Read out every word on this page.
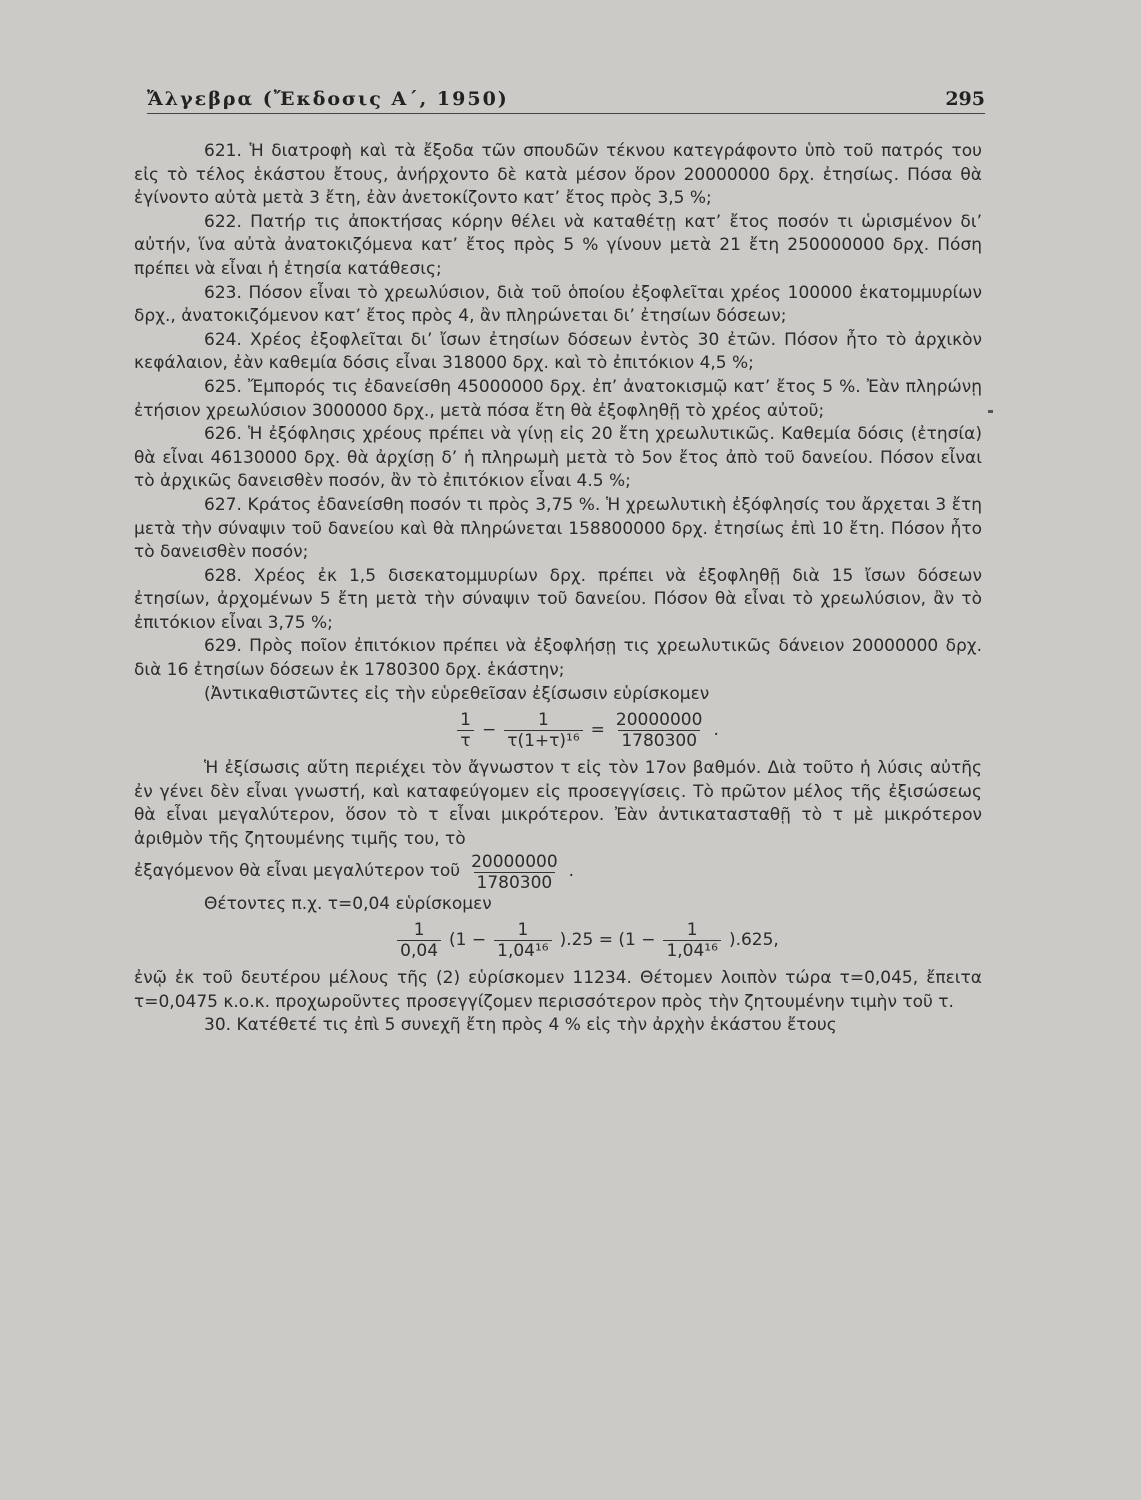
Ἄλγεβρα (Ἔκδοσις Α΄, 1950)	295

621. Ἡ διατροφὴ καὶ τὰ ἔξοδα τῶν σπουδῶν τέκνου κατεγράφοντο ὑπὸ τοῦ πατρός του εἰς τὸ τέλος ἑκάστου ἔτους, ἀνήρχοντο δὲ κατὰ μέσον ὅρον 20000000 δρχ. ἐτησίως. Πόσα θὰ ἐγίνοντο αὐτὰ μετὰ 3 ἔτη, ἐὰν ἀνετοκίζοντο κατ’ ἔτος πρὸς 3,5 %;

622. Πατήρ τις ἀποκτήσας κόρην θέλει νὰ καταθέτῃ κατ’ ἔτος ποσόν τι ὡρισμένον δι’ αὐτήν, ἵνα αὐτὰ ἀνατοκιζόμενα κατ’ ἔτος πρὸς 5 % γίνουν μετὰ 21 ἔτη 250000000 δρχ. Πόση πρέπει νὰ εἶναι ἡ ἐτησία κατάθεσις;

623. Πόσον εἶναι τὸ χρεωλύσιον, διὰ τοῦ ὁποίου ἐξοφλεῖται χρέος 100000 ἑκατομμυρίων δρχ., ἀνατοκιζόμενον κατ’ ἔτος πρὸς 4, ἂν πληρώνεται δι’ ἐτησίων δόσεων;

624. Χρέος ἐξοφλεῖται δι’ ἴσων ἐτησίων δόσεων ἐντὸς 30 ἐτῶν. Πόσον ἦτο τὸ ἀρχικὸν κεφάλαιον, ἐὰν καθεμία δόσις εἶναι 318000 δρχ. καὶ τὸ ἐπιτόκιον 4,5 %;

625. Ἔμπορός τις ἐδανείσθη 45000000 δρχ. ἐπ’ ἀνατοκισμῷ κατ’ ἔτος 5 %. Ἐὰν πληρώνῃ ἐτήσιον χρεωλύσιον 3000000 δρχ., μετὰ πόσα ἔτη θὰ ἐξοφληθῇ τὸ χρέος αὐτοῦ;

626. Ἡ ἐξόφλησις χρέους πρέπει νὰ γίνῃ εἰς 20 ἔτη χρεωλυτικῶς. Καθεμία δόσις (ἐτησία) θὰ εἶναι 46130000 δρχ. θὰ ἀρχίσῃ δ’ ἡ πληρωμὴ μετὰ τὸ 5ον ἔτος ἀπὸ τοῦ δανείου. Πόσον εἶναι τὸ ἀρχικῶς δανεισθὲν ποσόν, ἂν τὸ ἐπιτόκιον εἶναι 4.5 %;

627. Κράτος ἐδανείσθη ποσόν τι πρὸς 3,75 %. Ἡ χρεωλυτικὴ ἐξόφλησίς του ἄρχεται 3 ἔτη μετὰ τὴν σύναψιν τοῦ δανείου καὶ θὰ πληρώνεται 158800000 δρχ. ἐτησίως ἐπὶ 10 ἔτη. Πόσον ἦτο τὸ δανεισθὲν ποσόν;

628. Χρέος ἐκ 1,5 δισεκατομμυρίων δρχ. πρέπει νὰ ἐξοφληθῇ διὰ 15 ἴσων δόσεων ἐτησίων, ἀρχομένων 5 ἔτη μετὰ τὴν σύναψιν τοῦ δανείου. Πόσον θὰ εἶναι τὸ χρεωλύσιον, ἂν τὸ ἐπιτόκιον εἶναι 3,75 %;

629. Πρὸς ποῖον ἐπιτόκιον πρέπει νὰ ἐξοφλήσῃ τις χρεωλυτικῶς δάνειον 20000000 δρχ. διὰ 16 ἐτησίων δόσεων ἐκ 1780300 δρχ. ἑκάστην;

(Ἀντικαθιστῶντες εἰς τὴν εὑρεθεῖσαν ἐξίσωσιν εὑρίσκομεν

$\frac{1}{\tau} - \frac{1}{\text{τ(1+τ)¹⁶}} = \frac{20000000}{1780300}$ .

Ἡ ἐξίσωσις αὕτη περιέχει τὸν ἄγνωστον τ εἰς τὸν 17ον βαθμόν. Διὰ τοῦτο ἡ λύσις αὐτῆς ἐν γένει δὲν εἶναι γνωστή, καὶ καταφεύγομεν εἰς προσεγγίσεις. Τὸ πρῶτον μέλος τῆς ἐξισώσεως θὰ εἶναι μεγαλύτερον, ὅσον τὸ τ εἶναι μικρότερον. Ἐὰν ἀντικατασταθῇ τὸ τ μὲ μικρότερον ἀριθμὸν τῆς ζητουμένης τιμῆς του, τὸ

ἐξαγόμενον θὰ εἶναι μεγαλύτερον τοῦ $\frac{20000000}{1780300}$ .

Θέτοντες π.χ. τ=0,04 εὑρίσκομεν

$\frac{1}{0,04} (1 - \frac{1}{\text{1,04¹⁶}} ).25 = (1 - \frac{1}{\text{1,04¹⁶}} ).625$,

ἐνῷ ἐκ τοῦ δευτέρου μέλους τῆς (2) εὑρίσκομεν 11234. Θέτομεν λοιπὸν τώρα τ=0,045, ἔπειτα τ=0,0475 κ.ο.κ. προχωροῦντες προσεγγίζομεν περισσότερον πρὸς τὴν ζητουμένην τιμὴν τοῦ τ.

30. Κατέθετέ τις ἐπὶ 5 συνεχῆ ἔτη πρὸς 4 % εἰς τὴν ἀρχὴν ἑκάστου ἔτους
